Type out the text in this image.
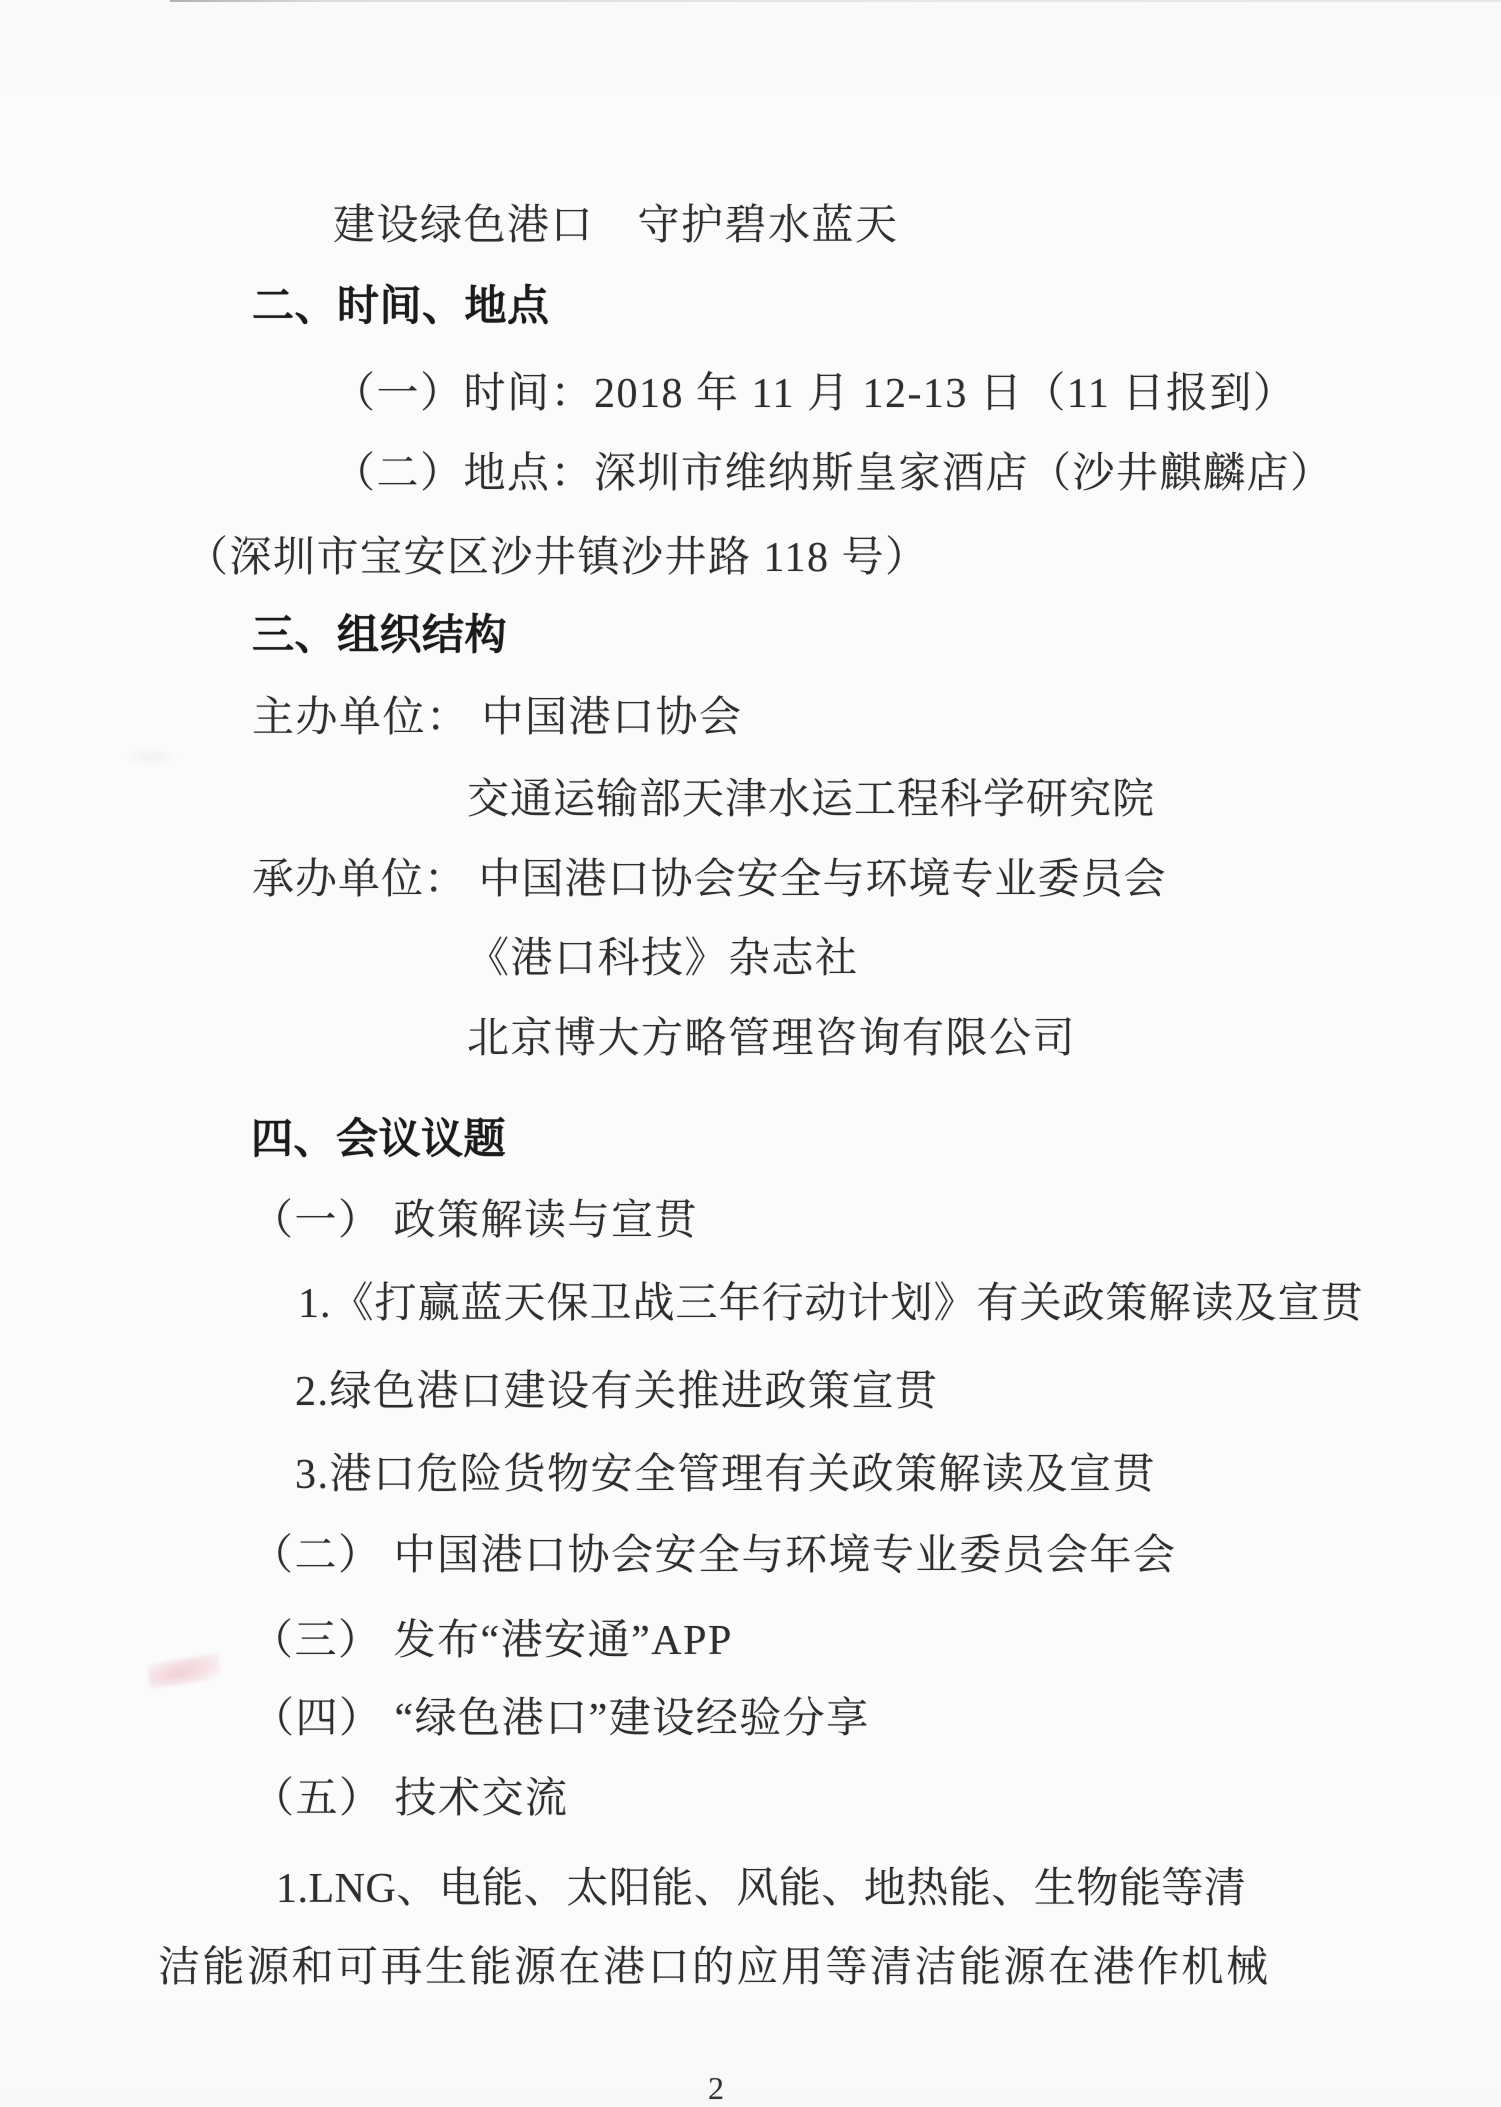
建设绿色港口　守护碧水蓝天
二、时间、地点
（一）时间：2018 年 11 月 12-13 日（11 日报到）
（二）地点：深圳市维纳斯皇家酒店（沙井麒麟店）
（深圳市宝安区沙井镇沙井路 118 号）
三、组织结构
主办单位： 中国港口协会
交通运输部天津水运工程科学研究院
承办单位： 中国港口协会安全与环境专业委员会
《港口科技》杂志社
北京博大方略管理咨询有限公司
四、会议议题
（一） 政策解读与宣贯
1.《打赢蓝天保卫战三年行动计划》有关政策解读及宣贯
2.绿色港口建设有关推进政策宣贯
3.港口危险货物安全管理有关政策解读及宣贯
（二） 中国港口协会安全与环境专业委员会年会
（三） 发布“港安通”APP
（四） “绿色港口”建设经验分享
（五） 技术交流
1.LNG、电能、太阳能、风能、地热能、生物能等清
洁能源和可再生能源在港口的应用等清洁能源在港作机械
2
